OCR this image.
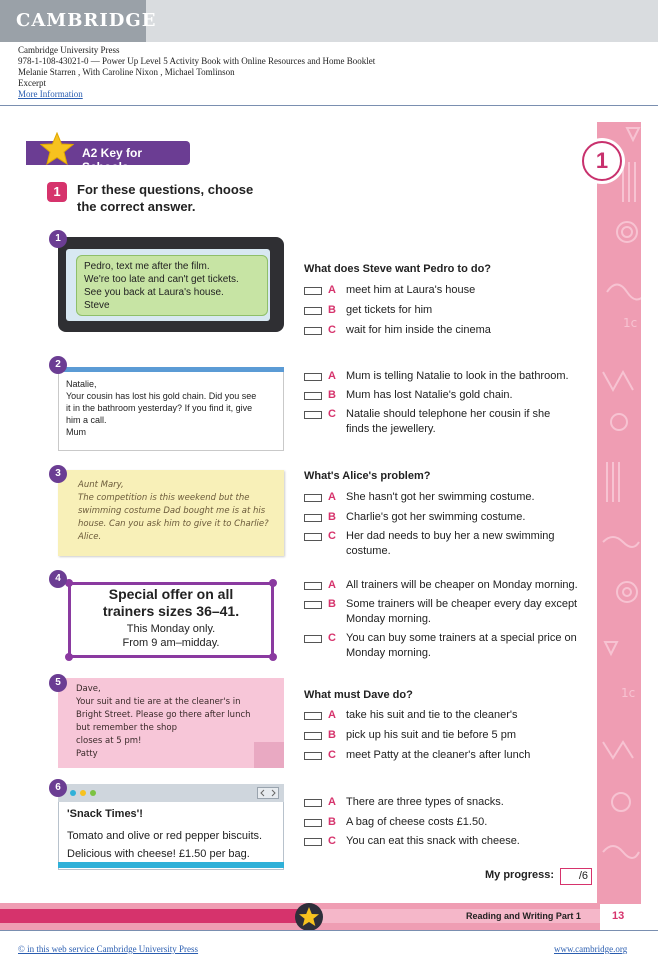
CAMBRIDGE
Cambridge University Press
978-1-108-43021-0 — Power Up Level 5 Activity Book with Online Resources and Home Booklet
Melanie Starren , With Caroline Nixon , Michael Tomlinson
Excerpt
More Information
1c
1c
1
A2 Key for Schools
1	For these questions, choose
the correct answer.
1
Pedro, text me after the film.
We're too late and can't get tickets.
See you back at Laura's house.
Steve
What does Steve want Pedro to do?
A meet him at Laura's house
B get tickets for him
C wait for him inside the cinema
2
Natalie,
Your cousin has lost his gold chain. Did you see
it in the bathroom yesterday? If you find it, give
him a call.
Mum
A Mum is telling Natalie to look in the bathroom.
B Mum has lost Natalie's gold chain.
C Natalie should telephone her cousin if she
finds the jewellery.
3
Aunt Mary,
The competition is this weekend but the
swimming costume Dad bought me is at his
house. Can you ask him to give it to Charlie?
Alice.
What's Alice's problem?
A She hasn't got her swimming costume.
B Charlie's got her swimming costume.
C Her dad needs to buy her a new swimming
costume.
4
Special offer on all
trainers sizes 36–41.
This Monday only.
From 9 am–midday.
A All trainers will be cheaper on Monday morning.
B Some trainers will be cheaper every day except
Monday morning.
C You can buy some trainers at a special price on
Monday morning.
5
Dave,
Your suit and tie are at the cleaner's in
Bright Street. Please go there after lunch
but remember the shop
closes at 5 pm!
Patty
What must Dave do?
A take his suit and tie to the cleaner's
B pick up his suit and tie before 5 pm
C meet Patty at the cleaner's after lunch
6
'Snack Times'!
Tomato and olive or red pepper biscuits.
Delicious with cheese! £1.50 per bag.
A There are three types of snacks.
B A bag of cheese costs £1.50.
C You can eat this snack with cheese.
My progress:	/6
Reading and Writing Part 1	13
© in this web service Cambridge University Press	www.cambridge.org
